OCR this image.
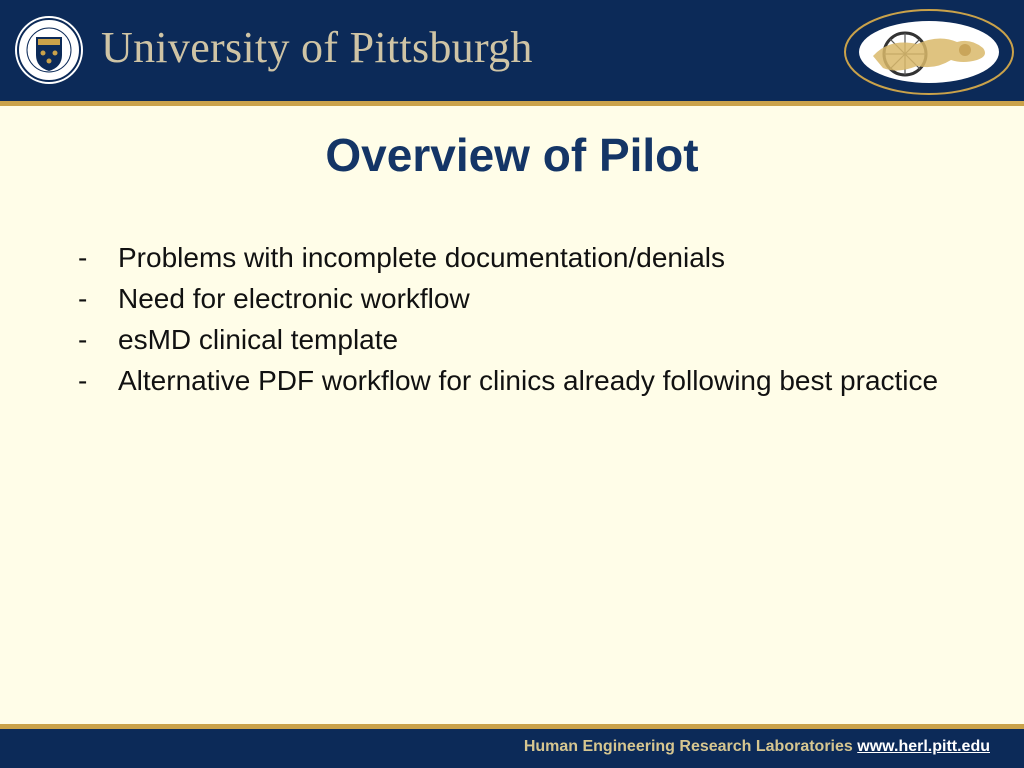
University of Pittsburgh
Overview of Pilot
- Problems with incomplete documentation/denials
- Need for electronic workflow
- esMD clinical template
- Alternative PDF workflow for clinics already following best practice
Human Engineering Research Laboratories www.herl.pitt.edu
